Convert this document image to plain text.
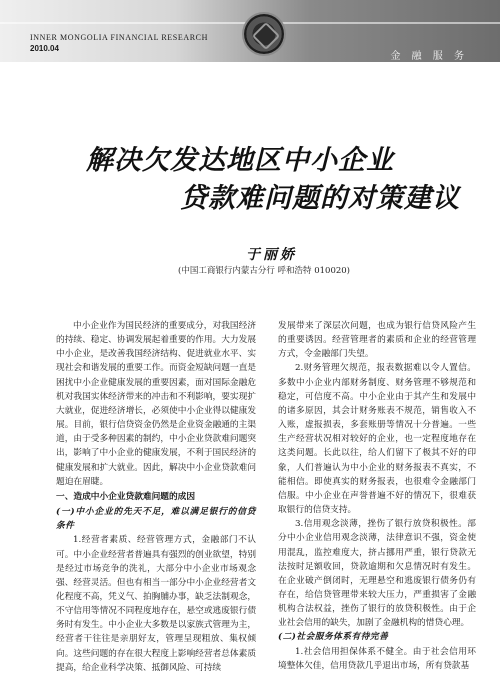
INNER MONGOLIA FINANCIAL RESEARCH
2010.04
金 融 服 务
解决欠发达地区中小企业
贷款难问题的对策建议
于丽娇
(中国工商银行内蒙古分行 呼和浩特 010020)

中小企业作为国民经济的重要成分，对我国经济的持续、稳定、协调发展起着重要的作用。大力发展中小企业，是改善我国经济结构、促进就业水平、实现社会和谐发展的重要工作。而资金短缺问题一直是困扰中小企业健康发展的重要因素，面对国际金融危机对我国实体经济带来的冲击和不利影响，要实现扩大就业，促进经济增长，必须使中小企业得以健康发展。目前，银行信贷资金仍然是企业资金融通的主渠道，由于受多种因素的制约，中小企业贷款难问题突出，影响了中小企业的健康发展，不利于国民经济的健康发展和扩大就业。因此，解决中小企业贷款难问题迫在眉睫。

一、造成中小企业贷款难问题的成因

(一)中小企业的先天不足，难以满足银行的信贷条件

1.经营者素质、经营管理方式，金融部门不认可。中小企业经营者普遍具有强烈的创业欲望，特别是经过市场竞争的洗礼，大部分中小企业市场观念强、经营灵活。但也有相当一部分中小企业经营者文化程度不高，凭义气、拍胸脯办事，缺乏法制观念，不守信用等情况不同程度地存在，悬空或逃废银行债务时有发生。中小企业大多数是以家族式管理为主，经营者干往往是亲朋好友，管理呈现粗放、集权倾向。这些问题的存在很大程度上影响经营者总体素质提高，给企业科学决策、抵御风险、可持续

发展带来了深层次问题，也成为银行信贷风险产生的重要诱因。经营管理者的素质和企业的经营管理方式，令金融部门失望。

2.财务管理欠规范，报表数据难以令人置信。多数中小企业内部财务制度、财务管理不够规范和稳定，可信度不高。中小企业由于其产生和发展中的诸多原因，其会计财务账表不规范，销售收入不入账，虚报损表，多套账册等情况十分普遍。一些生产经营状况相对较好的企业，也一定程度地存在这类问题。长此以往，给人们留下了极其不好的印象，人们普遍认为中小企业的财务报表不真实，不能相信。即使真实的财务报表，也很难令金融部门信服。中小企业在声誉普遍不好的情况下，很难获取银行的信贷支持。

3.信用观念淡薄，挫伤了银行放贷积极性。部分中小企业信用观念淡薄，法律意识不强，资金使用混乱，监控难度大，挤占挪用严重，银行贷款无法按时足额收回，贷款逾期和欠息情况时有发生。在企业破产倒闭时，无理悬空和逃废银行债务仍有存在，给信贷管理带来较大压力，严重损害了金融机构合法权益，挫伤了银行的放贷积极性。由于企业社会信用的缺失，加剧了金融机构的惜贷心理。

(二)社会服务体系有待完善

1.社会信用担保体系不健全。由于社会信用环境整体欠佳，信用贷款几乎退出市场，所有贷款基
